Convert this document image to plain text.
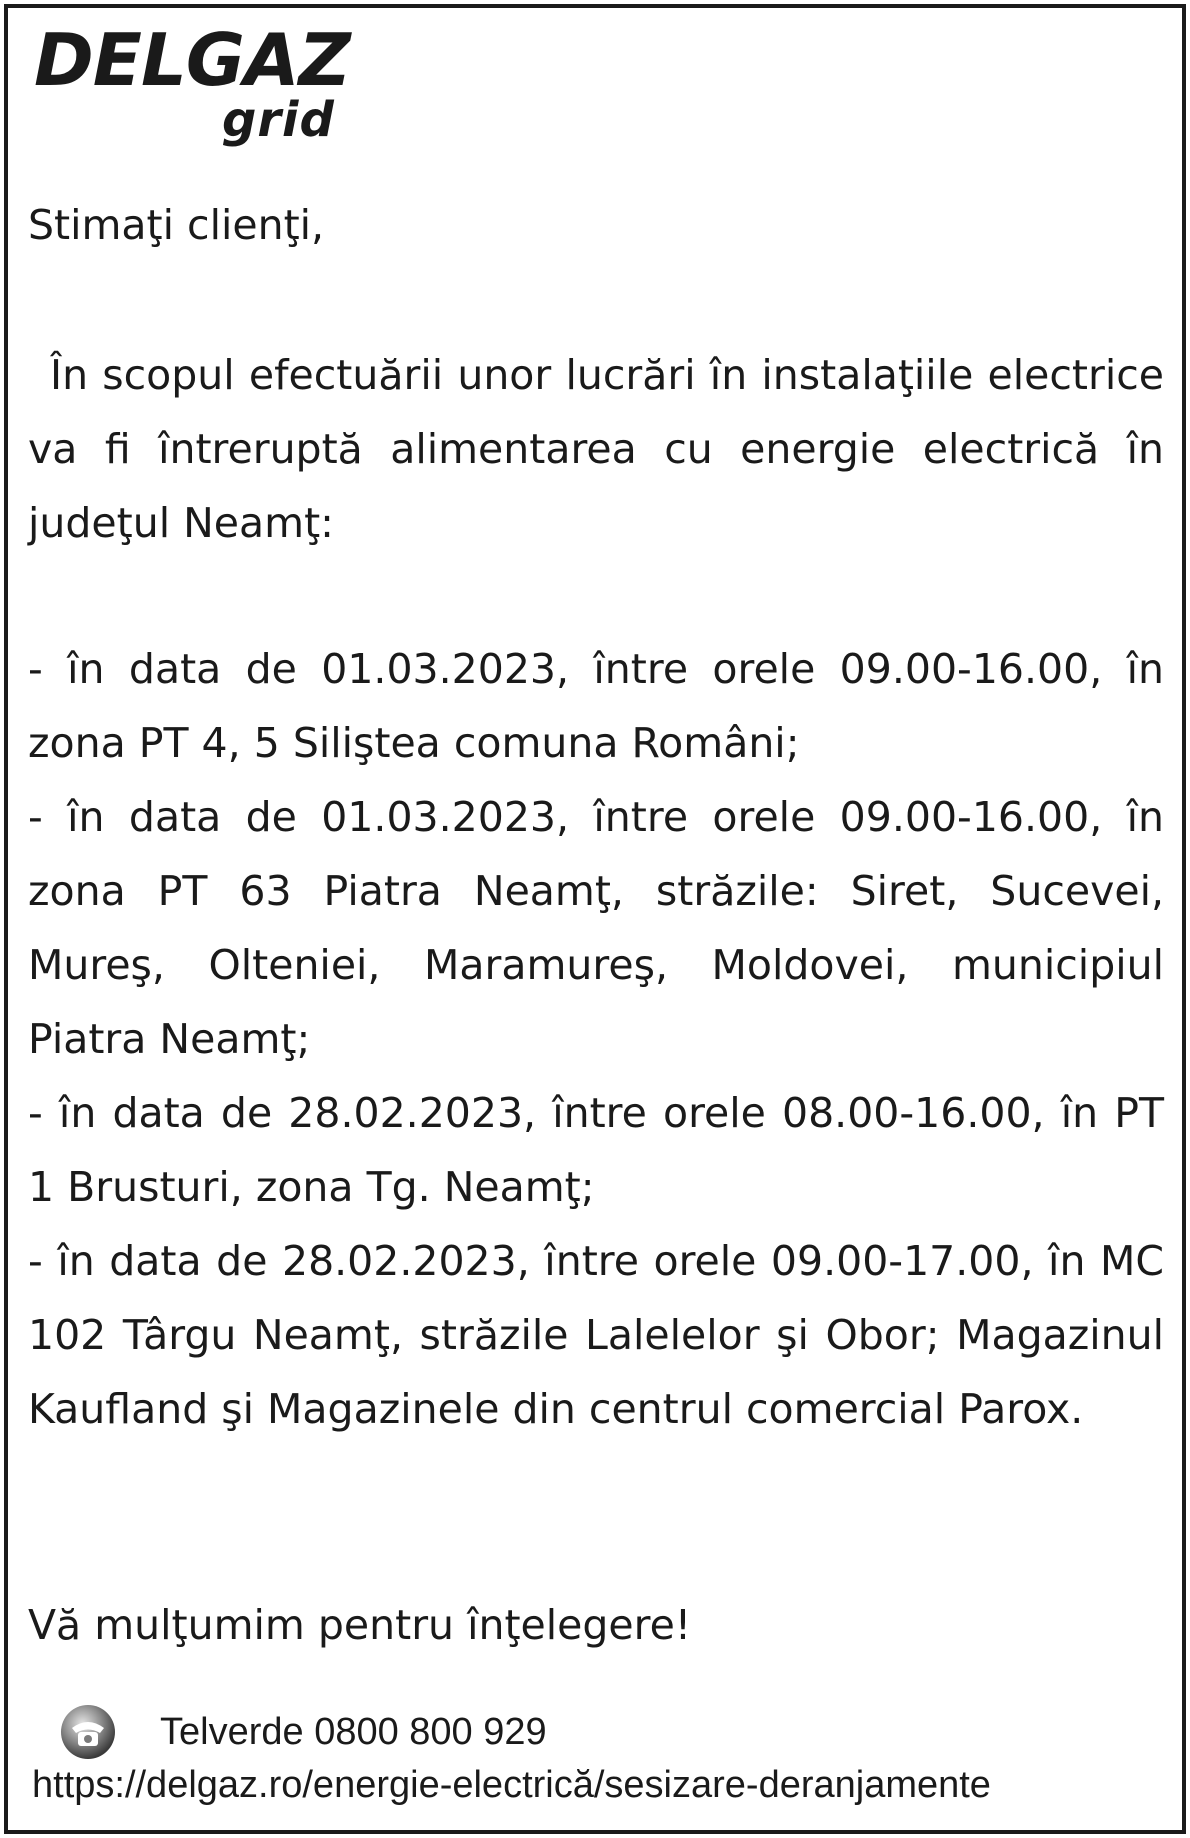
DELGAZ
grid
Stimaţi clienţi,
În scopul efectuării unor lucrări în instalaţiile electrice va fi întreruptă alimentarea cu energie electrică în judeţul Neamţ:

- în data de 01.03.2023, între orele 09.00-16.00, în zona PT 4, 5 Siliştea comuna Români;

- în data de 01.03.2023, între orele 09.00-16.00, în zona PT 63 Piatra Neamţ, străzile: Siret, Sucevei, Mureş, Olteniei, Maramureş, Moldovei, municipiul Piatra Neamţ;

- în data de 28.02.2023, între orele 08.00-16.00, în PT 1 Brusturi, zona Tg. Neamţ;

- în data de 28.02.2023, între orele 09.00-17.00, în MC 102 Târgu Neamţ, străzile Lalelelor şi Obor; Magazinul Kaufland şi Magazinele din centrul comercial Parox.

Vă mulţumim pentru înţelegere!
Telverde 0800 800 929
https://delgaz.ro/energie-electrică/sesizare-deranjamente
